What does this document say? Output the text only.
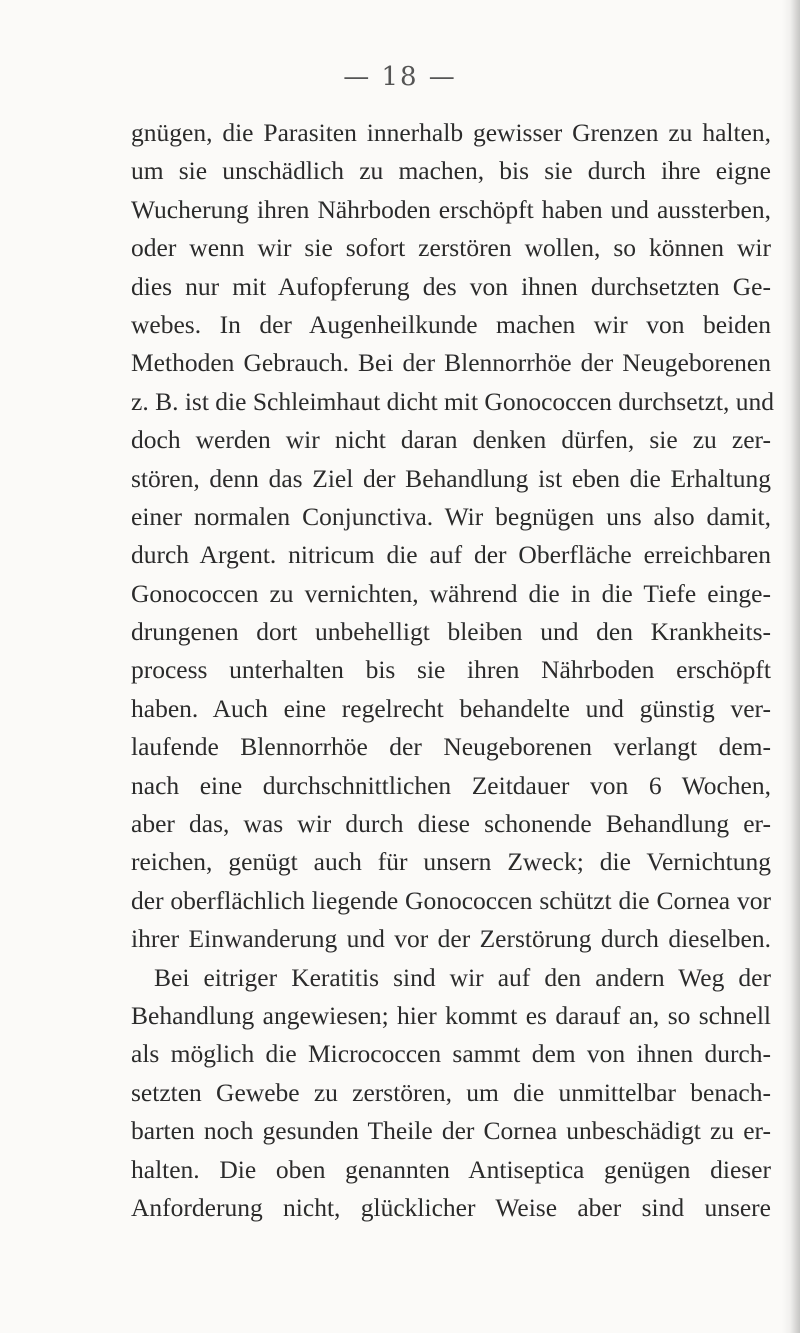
— 18 —
gnügen, die Parasiten innerhalb gewisser Grenzen zu halten,
um sie unschädlich zu machen, bis sie durch ihre eigne
Wucherung ihren Nährboden erschöpft haben und aussterben,
oder wenn wir sie sofort zerstören wollen, so können wir
dies nur mit Aufopferung des von ihnen durchsetzten Ge-
webes. In der Augenheilkunde machen wir von beiden
Methoden Gebrauch. Bei der Blennorrhöe der Neugeborenen
z. B. ist die Schleimhaut dicht mit Gonococcen durchsetzt, und
doch werden wir nicht daran denken dürfen, sie zu zer-
stören, denn das Ziel der Behandlung ist eben die Erhaltung
einer normalen Conjunctiva. Wir begnügen uns also damit,
durch Argent. nitricum die auf der Oberfläche erreichbaren
Gonococcen zu vernichten, während die in die Tiefe einge-
drungenen dort unbehelligt bleiben und den Krankheits-
process unterhalten bis sie ihren Nährboden erschöpft
haben. Auch eine regelrecht behandelte und günstig ver-
laufende Blennorrhöe der Neugeborenen verlangt dem-
nach eine durchschnittlichen Zeitdauer von 6 Wochen,
aber das, was wir durch diese schonende Behandlung er-
reichen, genügt auch für unsern Zweck; die Vernichtung
der oberflächlich liegende Gonococcen schützt die Cornea vor
ihrer Einwanderung und vor der Zerstörung durch dieselben.
Bei eitriger Keratitis sind wir auf den andern Weg der
Behandlung angewiesen; hier kommt es darauf an, so schnell
als möglich die Micrococcen sammt dem von ihnen durch-
setzten Gewebe zu zerstören, um die unmittelbar benach-
barten noch gesunden Theile der Cornea unbeschädigt zu er-
halten. Die oben genannten Antiseptica genügen dieser
Anforderung nicht, glücklicher Weise aber sind unsere
